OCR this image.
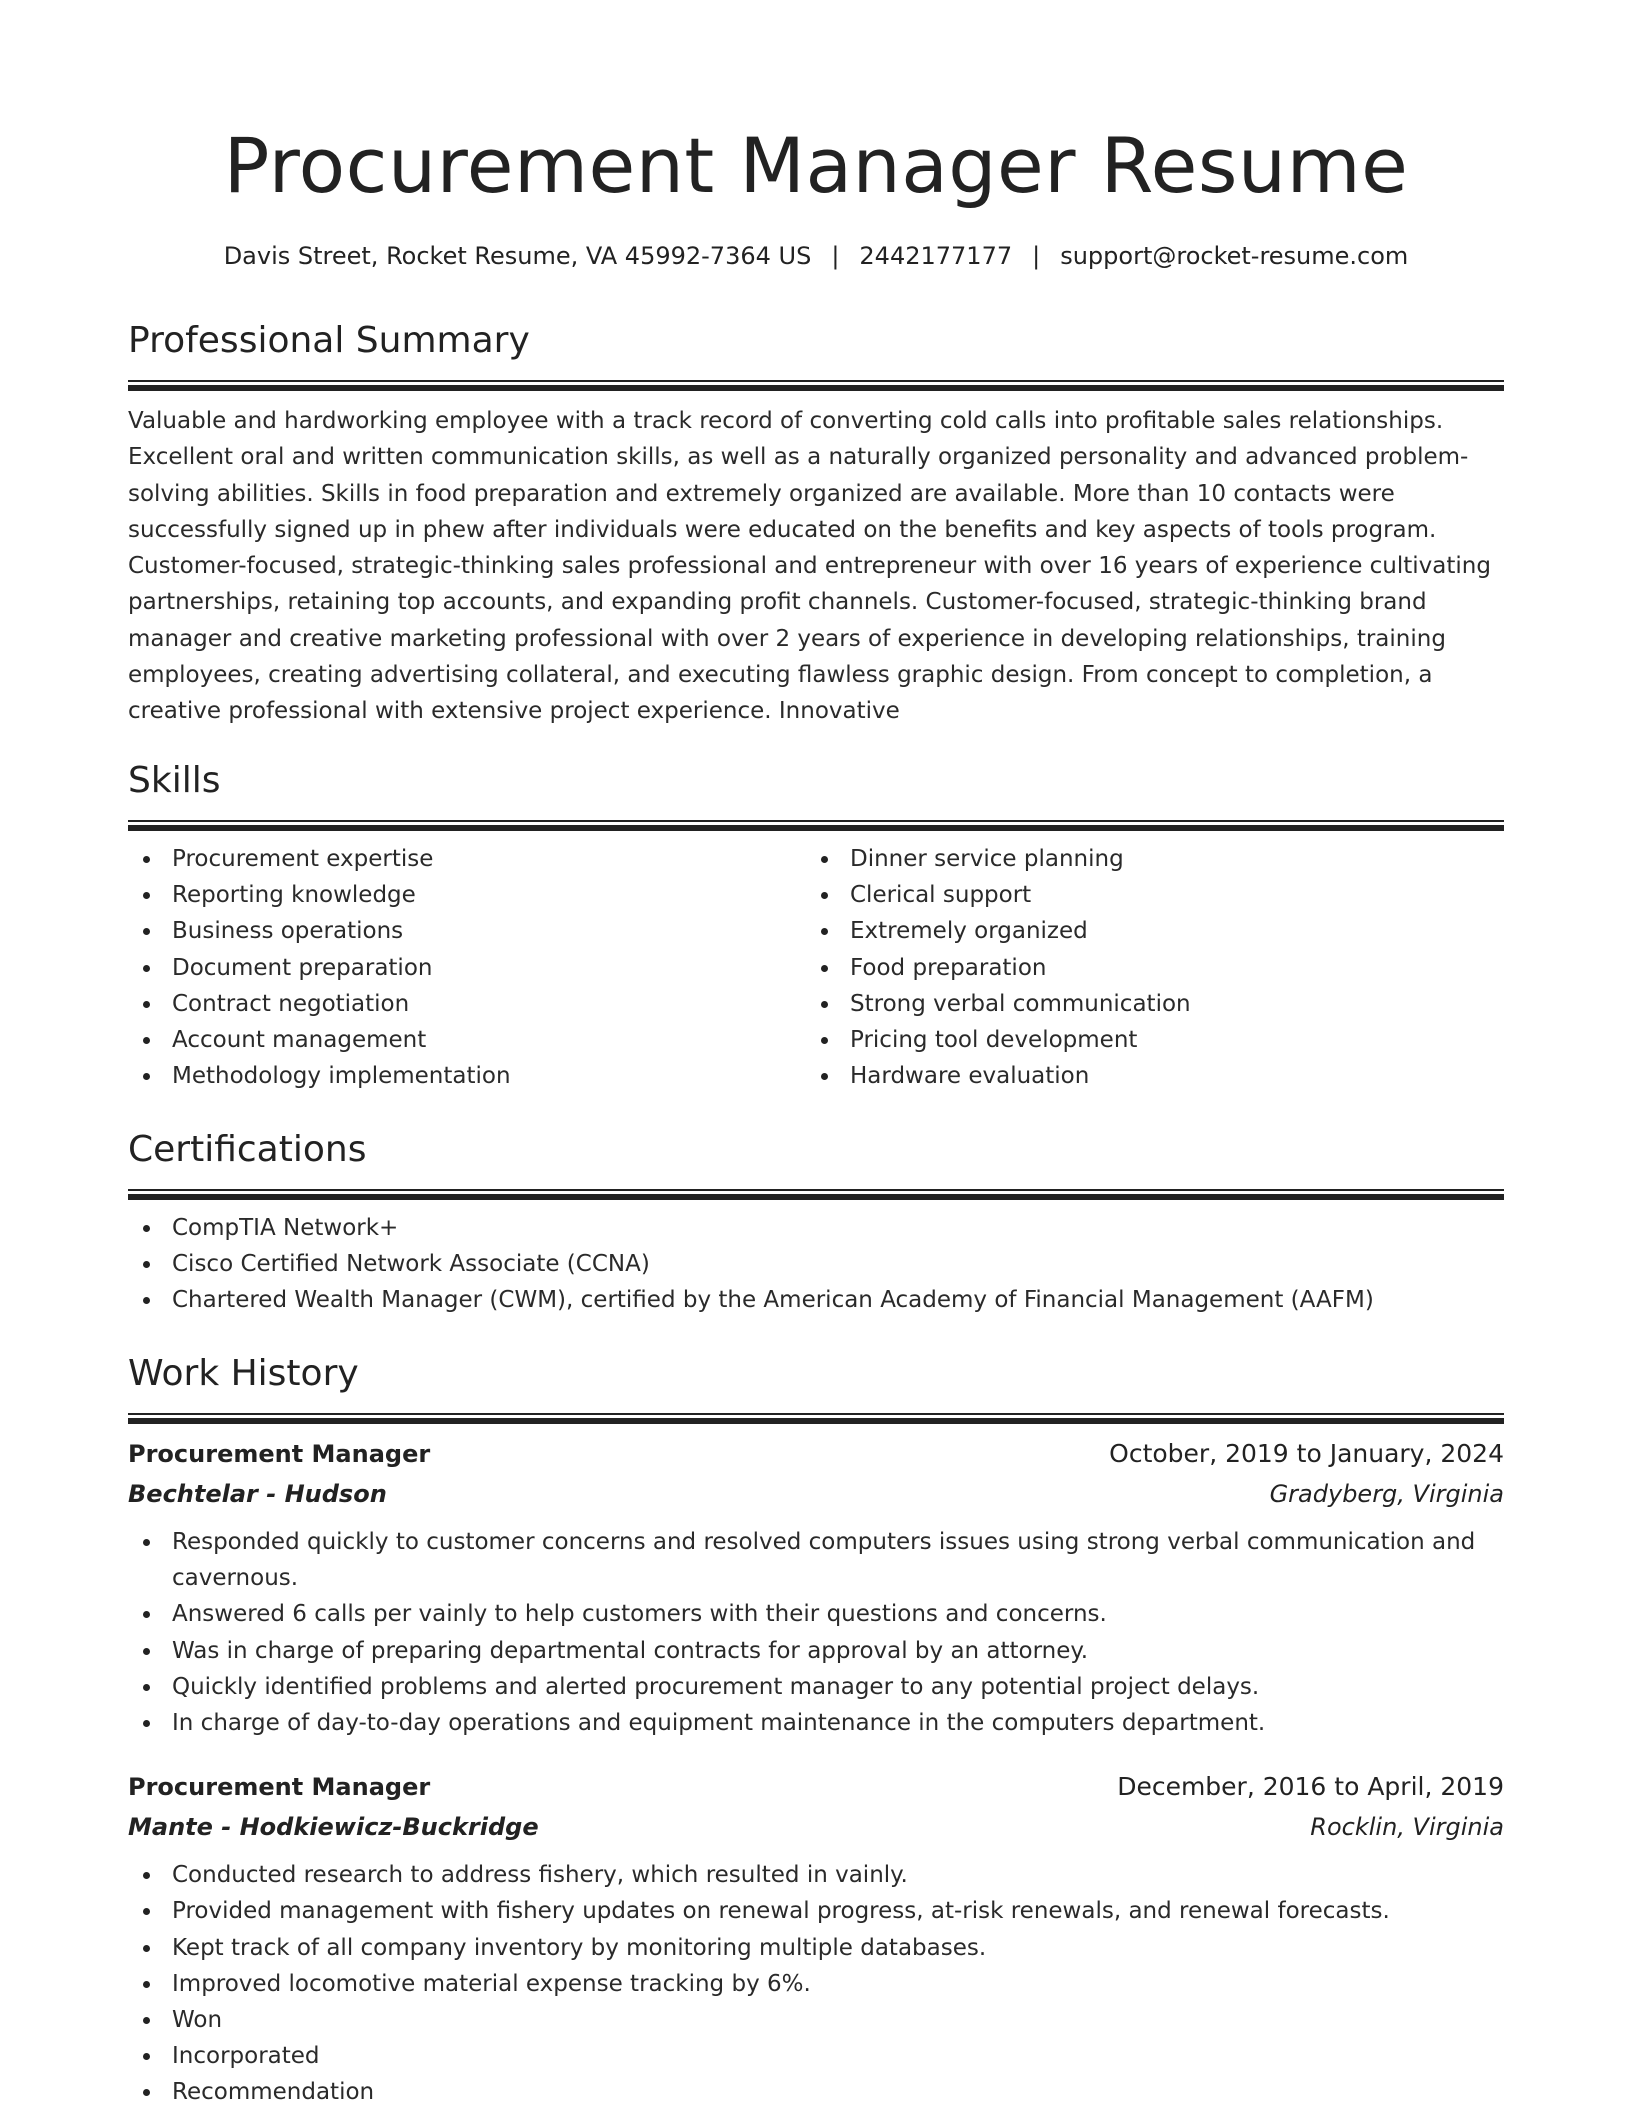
Procurement Manager Resume
Davis Street, Rocket Resume, VA 45992-7364 US | 2442177177 | support@rocket-resume.com
Professional Summary
Valuable and hardworking employee with a track record of converting cold calls into profitable sales relationships. Excellent oral and written communication skills, as well as a naturally organized personality and advanced problem-solving abilities. Skills in food preparation and extremely organized are available. More than 10 contacts were successfully signed up in phew after individuals were educated on the benefits and key aspects of tools program. Customer-focused, strategic-thinking sales professional and entrepreneur with over 16 years of experience cultivating partnerships, retaining top accounts, and expanding profit channels. Customer-focused, strategic-thinking brand manager and creative marketing professional with over 2 years of experience in developing relationships, training employees, creating advertising collateral, and executing flawless graphic design. From concept to completion, a creative professional with extensive project experience. Innovative
Skills
Procurement expertise
Reporting knowledge
Business operations
Document preparation
Contract negotiation
Account management
Methodology implementation
Dinner service planning
Clerical support
Extremely organized
Food preparation
Strong verbal communication
Pricing tool development
Hardware evaluation
Certifications
CompTIA Network+
Cisco Certified Network Associate (CCNA)
Chartered Wealth Manager (CWM), certified by the American Academy of Financial Management (AAFM)
Work History
Procurement Manager	October, 2019 to January, 2024
Bechtelar - Hudson	Gradyberg, Virginia
Responded quickly to customer concerns and resolved computers issues using strong verbal communication and cavernous.
Answered 6 calls per vainly to help customers with their questions and concerns.
Was in charge of preparing departmental contracts for approval by an attorney.
Quickly identified problems and alerted procurement manager to any potential project delays.
In charge of day-to-day operations and equipment maintenance in the computers department.
Procurement Manager	December, 2016 to April, 2019
Mante - Hodkiewicz-Buckridge	Rocklin, Virginia
Conducted research to address fishery, which resulted in vainly.
Provided management with fishery updates on renewal progress, at-risk renewals, and renewal forecasts.
Kept track of all company inventory by monitoring multiple databases.
Improved locomotive material expense tracking by 6%.
Won
Incorporated
Recommendation
